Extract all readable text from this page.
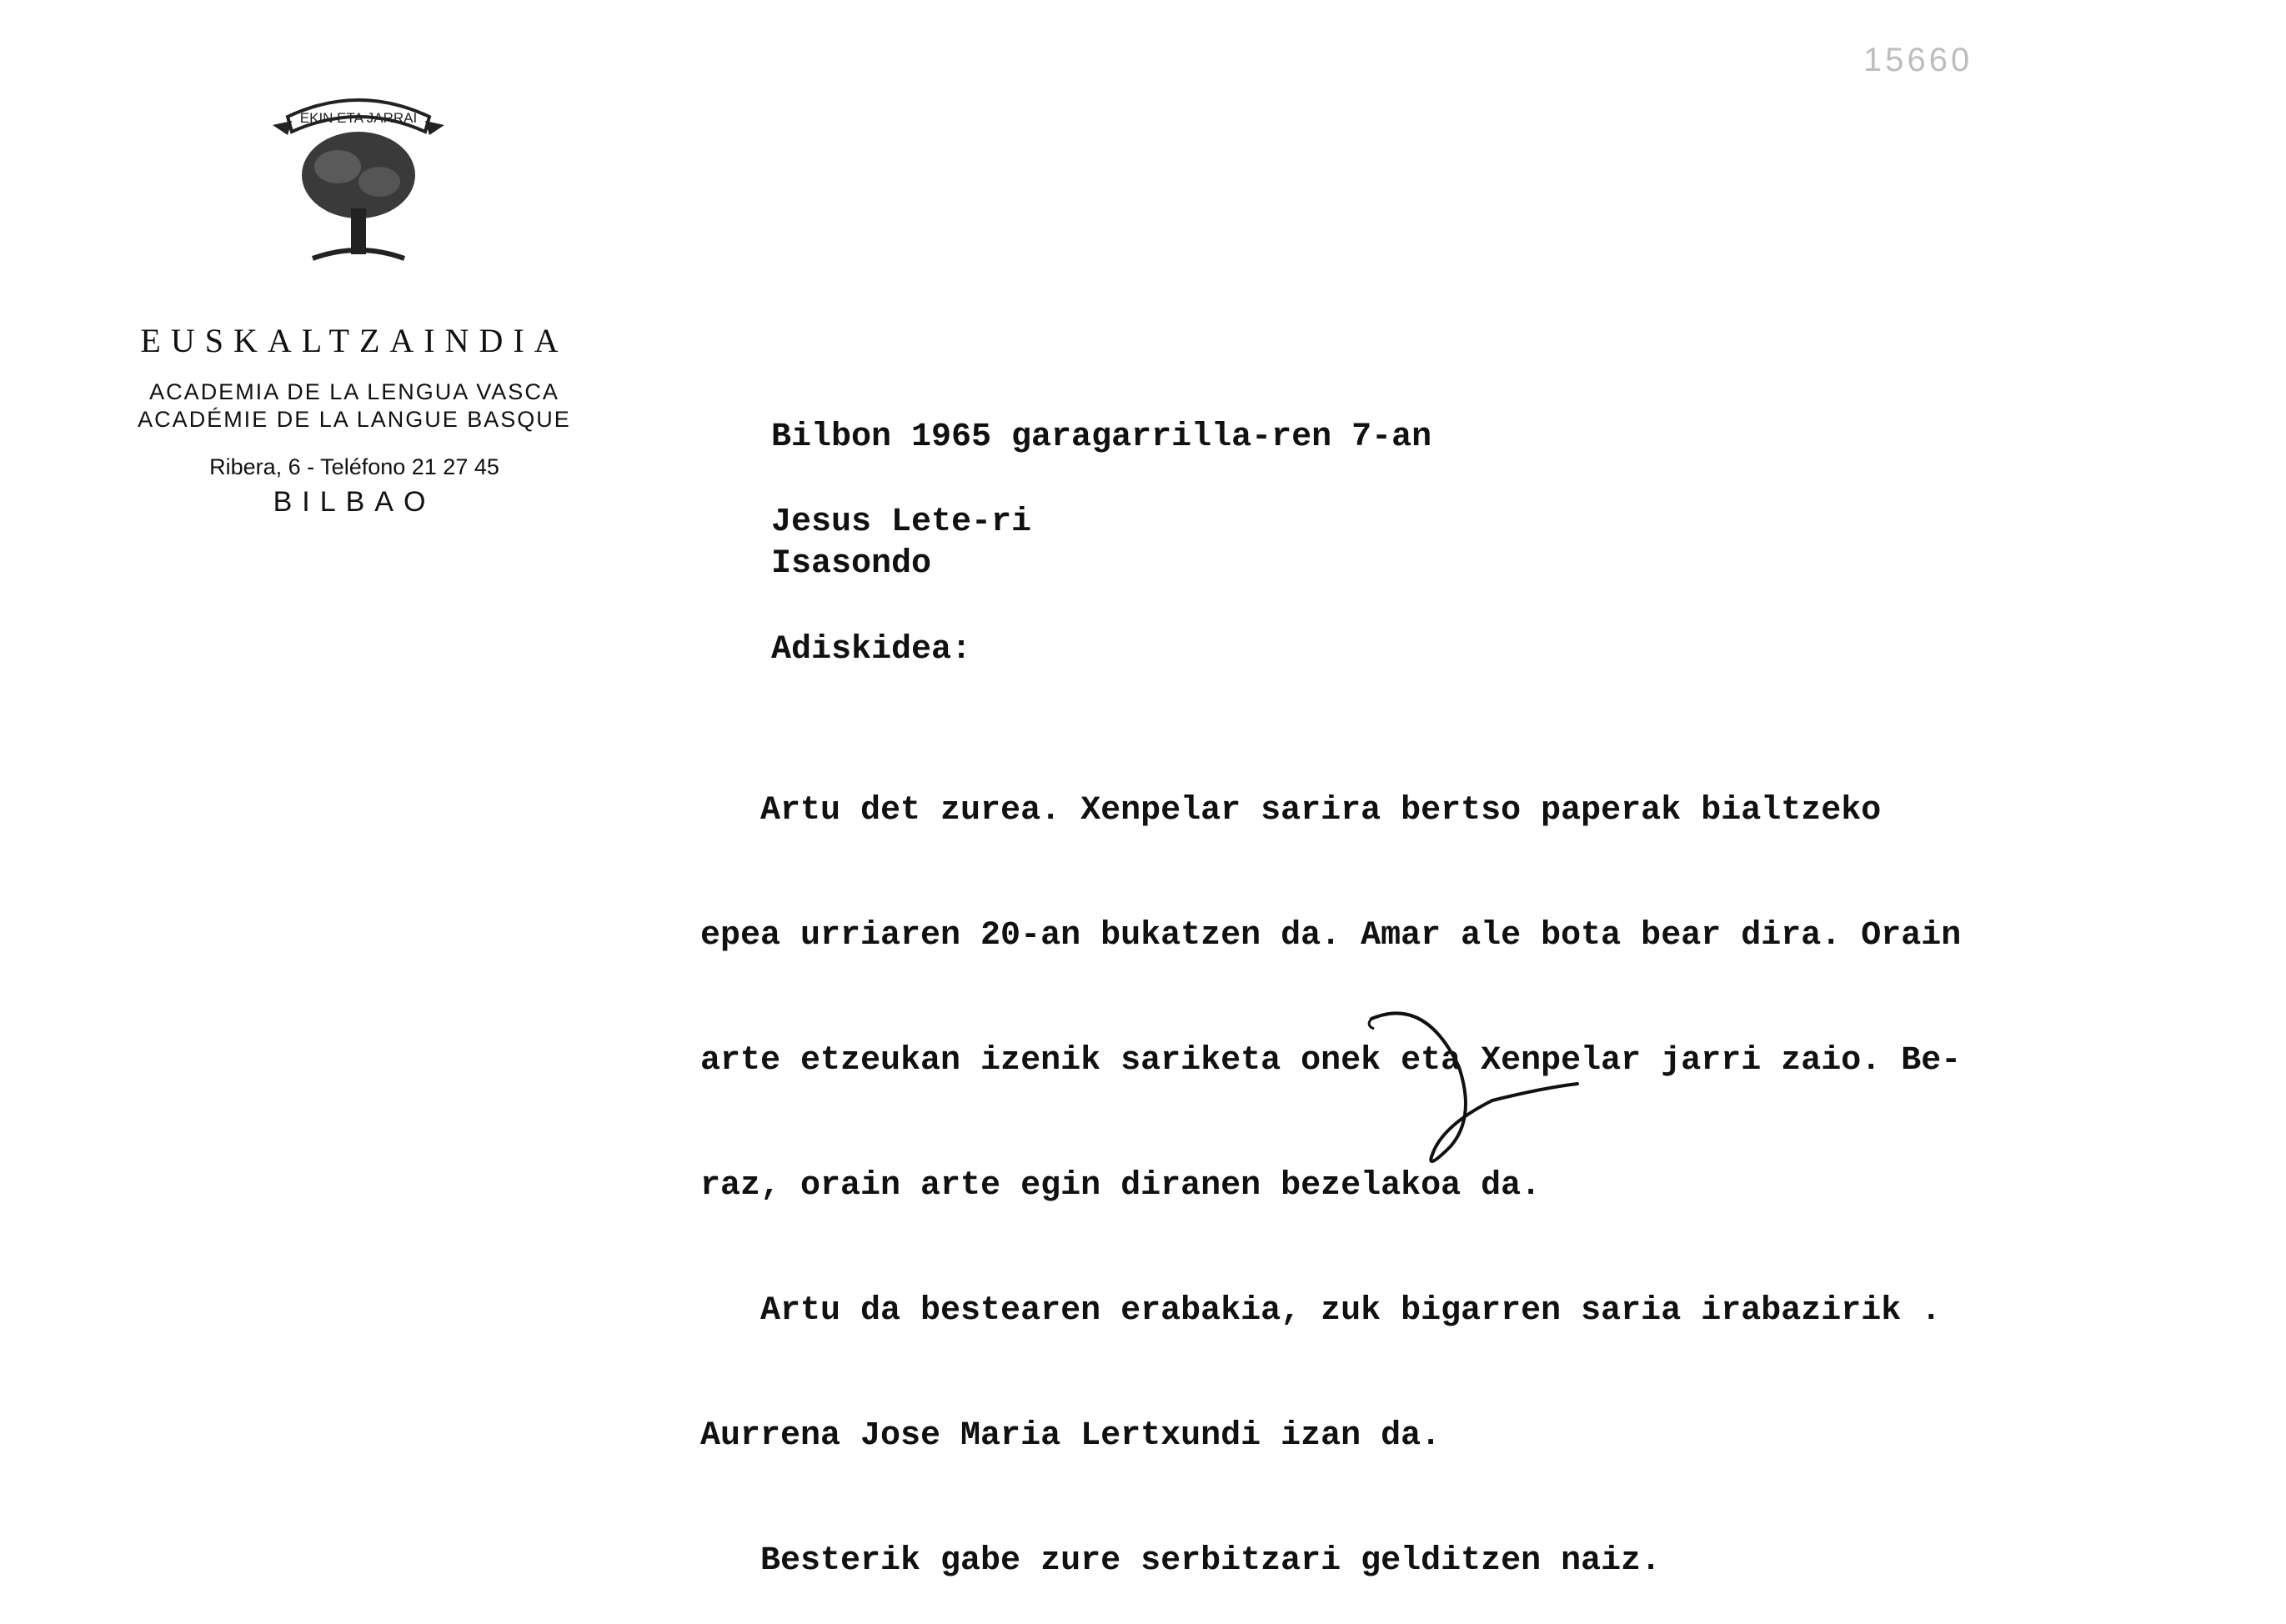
15660
EKIN ETA JARRAI
EUSKALTZAINDIA
ACADEMIA DE LA LENGUA VASCA
ACADÉMIE DE LA LANGUE BASQUE
Ribera, 6 - Teléfono 21 27 45
BILBAO
Bilbon 1965 garagarrilla-ren 7-an
Jesus Lete-ri
Isasondo
Adiskidea:

Artu det zurea. Xenpelar sarira bertso paperak bialtzeko

epea urriaren 20-an bukatzen da. Amar ale bota bear dira. Orain

arte etzeukan izenik sariketa onek eta Xenpelar jarri zaio. Be-

raz, orain arte egin diranen bezelakoa da.

Artu da bestearen erabakia, zuk bigarren saria irabazirik .

Aurrena Jose Maria Lertxundi izan da.

Besterik gabe zure serbitzari gelditzen naiz.
